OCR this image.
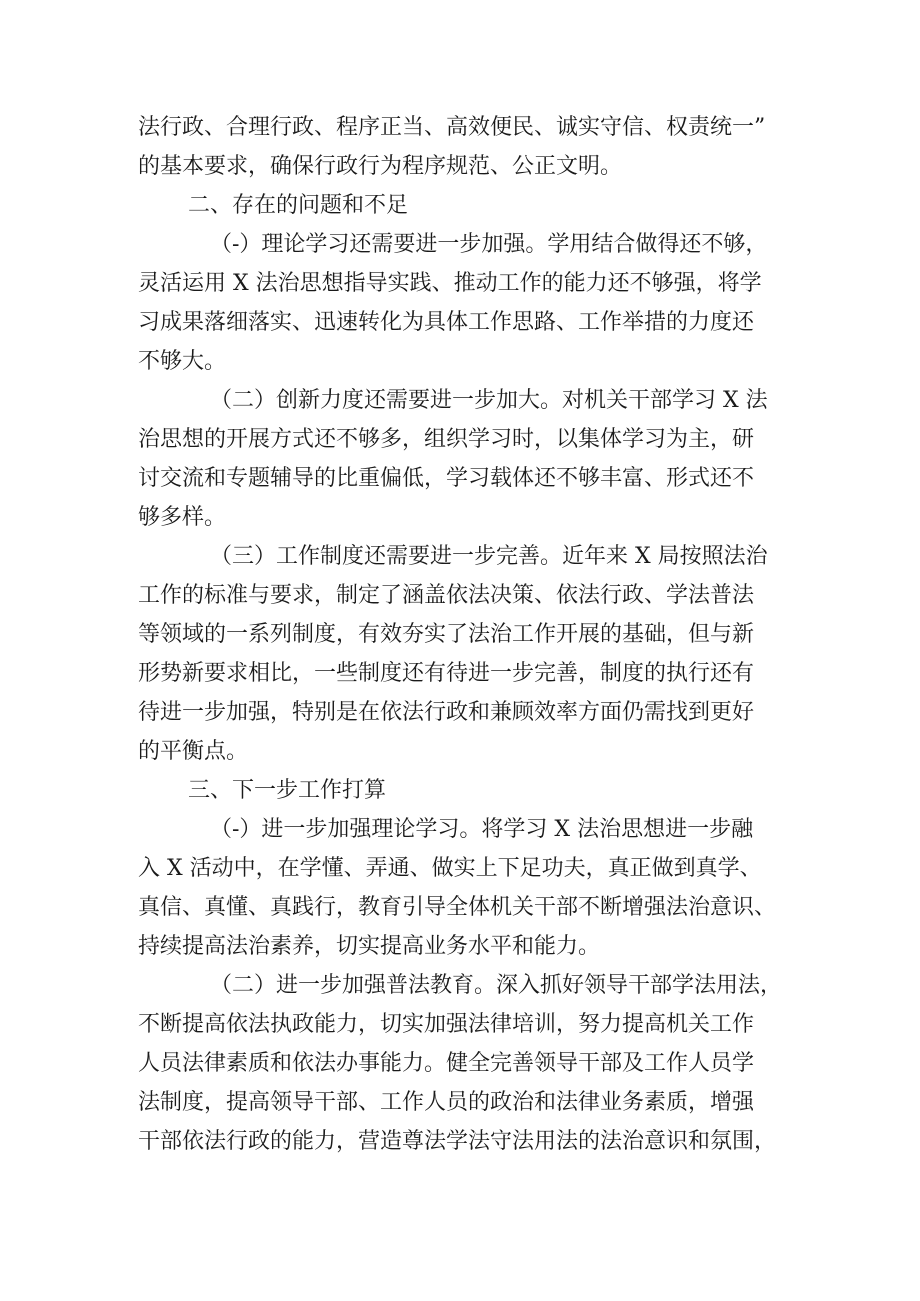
法行政、合理行政、程序正当、高效便民、诚实守信、权责统一”
的基本要求，确保行政行为程序规范、公正文明。
二、存在的问题和不足
（-）理论学习还需要进一步加强。学用结合做得还不够，
灵活运用 X 法治思想指导实践、推动工作的能力还不够强，将学
习成果落细落实、迅速转化为具体工作思路、工作举措的力度还
不够大。
（二）创新力度还需要进一步加大。对机关干部学习 X 法
治思想的开展方式还不够多，组织学习时，以集体学习为主，研
讨交流和专题辅导的比重偏低，学习载体还不够丰富、形式还不
够多样。
（三）工作制度还需要进一步完善。近年来 X 局按照法治
工作的标准与要求，制定了涵盖依法决策、依法行政、学法普法
等领域的一系列制度，有效夯实了法治工作开展的基础，但与新
形势新要求相比，一些制度还有待进一步完善，制度的执行还有
待进一步加强，特别是在依法行政和兼顾效率方面仍需找到更好
的平衡点。
三、下一步工作打算
（-）进一步加强理论学习。将学习 X 法治思想进一步融
入 X 活动中，在学懂、弄通、做实上下足功夫，真正做到真学、
真信、真懂、真践行，教育引导全体机关干部不断增强法治意识、
持续提高法治素养，切实提高业务水平和能力。
（二）进一步加强普法教育。深入抓好领导干部学法用法，
不断提高依法执政能力，切实加强法律培训，努力提高机关工作
人员法律素质和依法办事能力。健全完善领导干部及工作人员学
法制度，提高领导干部、工作人员的政治和法律业务素质，增强
干部依法行政的能力，营造尊法学法守法用法的法治意识和氛围，
